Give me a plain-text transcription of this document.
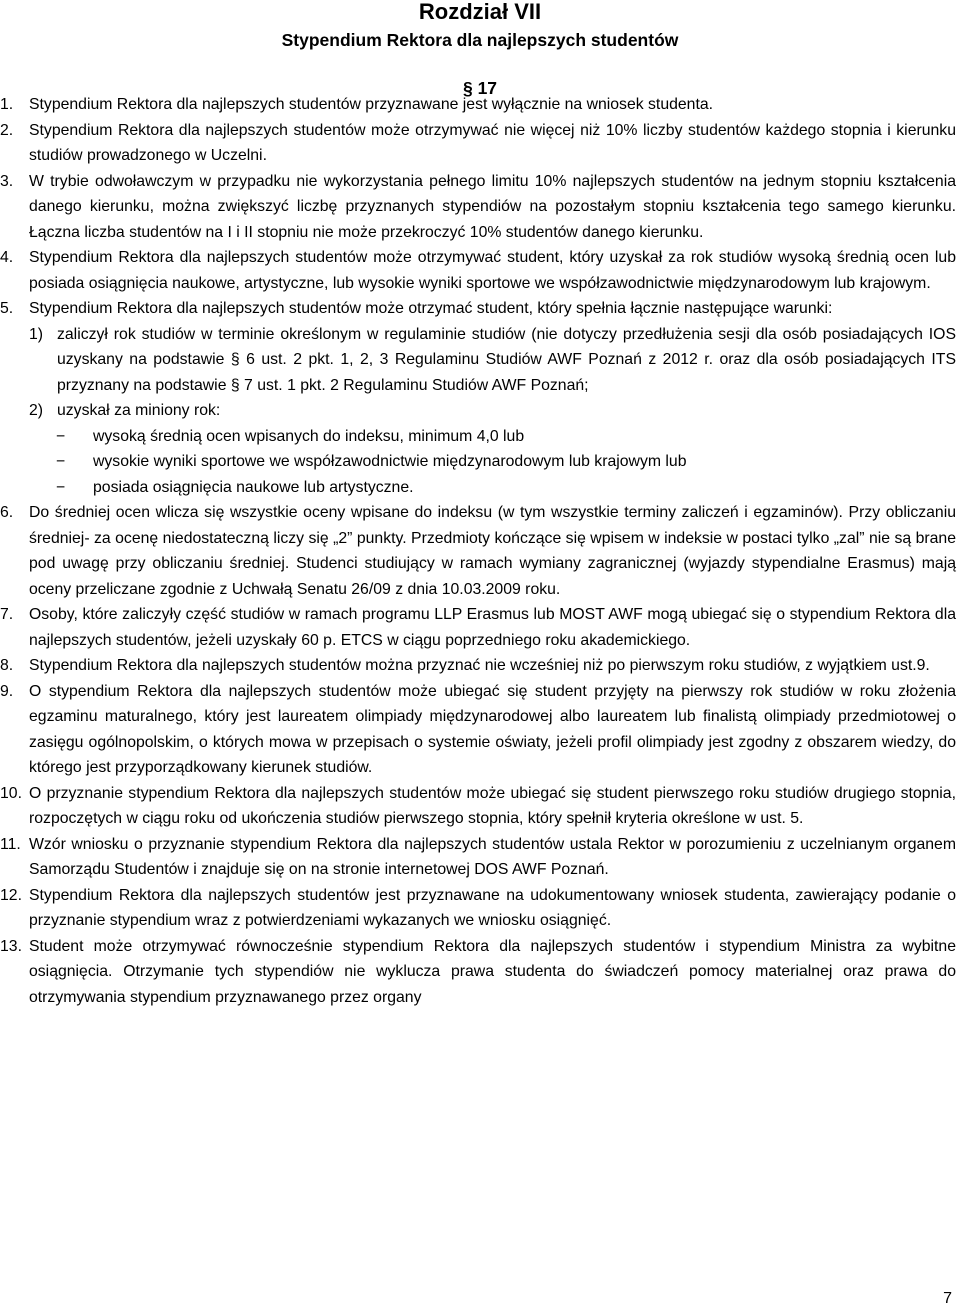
Rozdział VII
Stypendium Rektora dla najlepszych studentów
§ 17
1. Stypendium Rektora dla najlepszych studentów przyznawane jest wyłącznie na wniosek studenta.
2. Stypendium Rektora dla najlepszych studentów może otrzymywać nie więcej niż 10% liczby studentów każdego stopnia i kierunku studiów prowadzonego w Uczelni.
3. W trybie odwoławczym w przypadku nie wykorzystania pełnego limitu 10% najlepszych studentów na jednym stopniu kształcenia danego kierunku, można zwiększyć liczbę przyznanych stypendiów na pozostałym stopniu kształcenia tego samego kierunku. Łączna liczba studentów na I i II stopniu nie może przekroczyć 10% studentów danego kierunku.
4. Stypendium Rektora dla najlepszych studentów może otrzymywać student, który uzyskał za rok studiów wysoką średnią ocen lub posiada osiągnięcia naukowe, artystyczne, lub wysokie wyniki sportowe we współzawodnictwie międzynarodowym lub krajowym.
5. Stypendium Rektora dla najlepszych studentów może otrzymać student, który spełnia łącznie następujące warunki:
1) zaliczył rok studiów w terminie określonym w regulaminie studiów (nie dotyczy przedłużenia sesji dla osób posiadających IOS uzyskany na podstawie § 6 ust. 2 pkt. 1, 2, 3 Regulaminu Studiów AWF Poznań z 2012 r. oraz dla osób posiadających ITS przyznany na podstawie § 7 ust. 1 pkt. 2 Regulaminu Studiów AWF Poznań;
2) uzyskał za miniony rok:
− wysoką średnią ocen wpisanych do indeksu, minimum 4,0 lub
− wysokie wyniki sportowe we współzawodnictwie międzynarodowym lub krajowym lub
− posiada osiągnięcia naukowe lub artystyczne.
6. Do średniej ocen wlicza się wszystkie oceny wpisane do indeksu (w tym wszystkie terminy zaliczeń i egzaminów). Przy obliczaniu średniej- za ocenę niedostateczną liczy się „2” punkty. Przedmioty kończące się wpisem w indeksie w postaci tylko „zal” nie są brane pod uwagę przy obliczaniu średniej. Studenci studiujący w ramach wymiany zagranicznej (wyjazdy stypendialne Erasmus) mają oceny przeliczane zgodnie z Uchwałą Senatu 26/09 z dnia 10.03.2009 roku.
7. Osoby, które zaliczyły część studiów w ramach programu LLP Erasmus lub MOST AWF mogą ubiegać się o stypendium Rektora dla najlepszych studentów, jeżeli uzyskały 60 p. ETCS w ciągu poprzedniego roku akademickiego.
8. Stypendium Rektora dla najlepszych studentów można przyznać nie wcześniej niż po pierwszym roku studiów, z wyjątkiem ust.9.
9. O stypendium Rektora dla najlepszych studentów może ubiegać się student przyjęty na pierwszy rok studiów w roku złożenia egzaminu maturalnego, który jest laureatem olimpiady międzynarodowej albo laureatem lub finalistą olimpiady przedmiotowej o zasięgu ogólnopolskim, o których mowa w przepisach o systemie oświaty, jeżeli profil olimpiady jest zgodny z obszarem wiedzy, do którego jest przyporządkowany kierunek studiów.
10. O przyznanie stypendium Rektora dla najlepszych studentów może ubiegać się student pierwszego roku studiów drugiego stopnia, rozpoczętych w ciągu roku od ukończenia studiów pierwszego stopnia, który spełnił kryteria określone w ust. 5.
11. Wzór wniosku o przyznanie stypendium Rektora dla najlepszych studentów ustala Rektor w porozumieniu z uczelnianym organem Samorządu Studentów i znajduje się on na stronie internetowej DOS AWF Poznań.
12. Stypendium Rektora dla najlepszych studentów jest przyznawane na udokumentowany wniosek studenta, zawierający podanie o przyznanie stypendium wraz z potwierdzeniami wykazanych we wniosku osiągnięć.
13. Student może otrzymywać równocześnie stypendium Rektora dla najlepszych studentów i stypendium Ministra za wybitne osiągnięcia. Otrzymanie tych stypendiów nie wyklucza prawa studenta do świadczeń pomocy materialnej oraz prawa do otrzymywania stypendium przyznawanego przez organy
7
